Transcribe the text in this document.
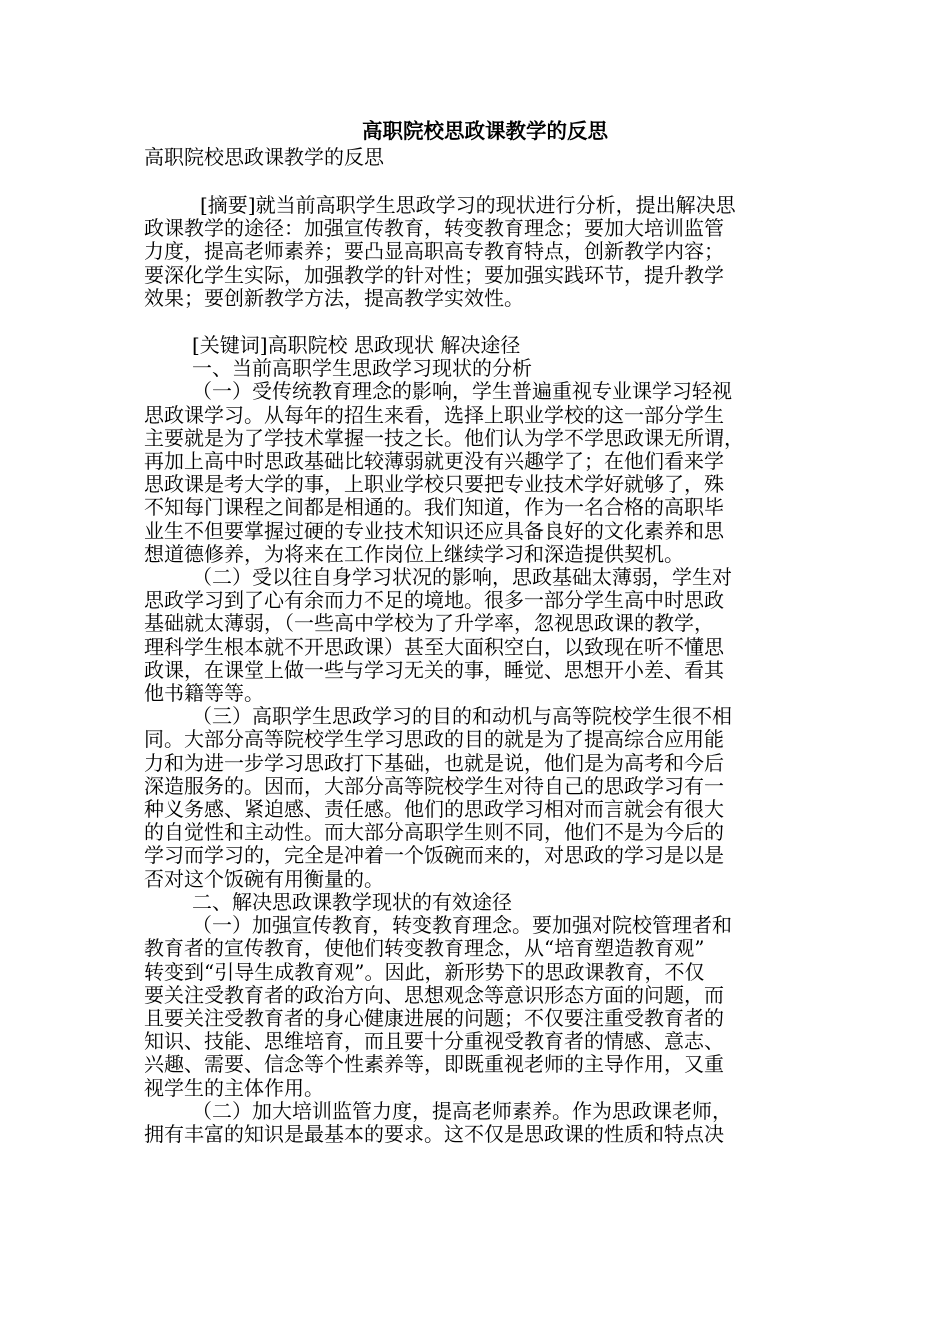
高职院校思政课教学的反思

高职院校思政课教学的反思

[摘要]就当前高职学生思政学习的现状进行分析，提出解决思

政课教学的途径：加强宣传教育，转变教育理念；要加大培训监管

力度，提高老师素养；要凸显高职高专教育特点，创新教学内容；

要深化学生实际，加强教学的针对性；要加强实践环节，提升教学

效果；要创新教学方法，提高教学实效性。

[关键词]高职院校 思政现状 解决途径

一、当前高职学生思政学习现状的分析

（一）受传统教育理念的影响，学生普遍重视专业课学习轻视

思政课学习。从每年的招生来看，选择上职业学校的这一部分学生

主要就是为了学技术掌握一技之长。他们认为学不学思政课无所谓，

再加上高中时思政基础比较薄弱就更没有兴趣学了；在他们看来学

思政课是考大学的事，上职业学校只要把专业技术学好就够了，殊

不知每门课程之间都是相通的。我们知道，作为一名合格的高职毕

业生不但要掌握过硬的专业技术知识还应具备良好的文化素养和思

想道德修养，为将来在工作岗位上继续学习和深造提供契机。

（二）受以往自身学习状况的影响，思政基础太薄弱，学生对

思政学习到了心有余而力不足的境地。很多一部分学生高中时思政

基础就太薄弱，（一些高中学校为了升学率，忽视思政课的教学，

理科学生根本就不开思政课）甚至大面积空白，以致现在听不懂思

政课，在课堂上做一些与学习无关的事，睡觉、思想开小差、看其

他书籍等等。

（三）高职学生思政学习的目的和动机与高等院校学生很不相

同。大部分高等院校学生学习思政的目的就是为了提高综合应用能

力和为进一步学习思政打下基础，也就是说，他们是为高考和今后

深造服务的。因而，大部分高等院校学生对待自己的思政学习有一

种义务感、紧迫感、责任感。他们的思政学习相对而言就会有很大

的自觉性和主动性。而大部分高职学生则不同，他们不是为今后的

学习而学习的，完全是冲着一个饭碗而来的，对思政的学习是以是

否对这个饭碗有用衡量的。

二、解决思政课教学现状的有效途径

（一）加强宣传教育，转变教育理念。要加强对院校管理者和

教育者的宣传教育，使他们转变教育理念，从“培育塑造教育观”

转变到“引导生成教育观”。因此，新形势下的思政课教育，不仅

要关注受教育者的政治方向、思想观念等意识形态方面的问题，而

且要关注受教育者的身心健康进展的问题；不仅要注重受教育者的

知识、技能、思维培育，而且要十分重视受教育者的情感、意志、

兴趣、需要、信念等个性素养等，即既重视老师的主导作用，又重

视学生的主体作用。

（二）加大培训监管力度，提高老师素养。作为思政课老师，

拥有丰富的知识是最基本的要求。这不仅是思政课的性质和特点决
